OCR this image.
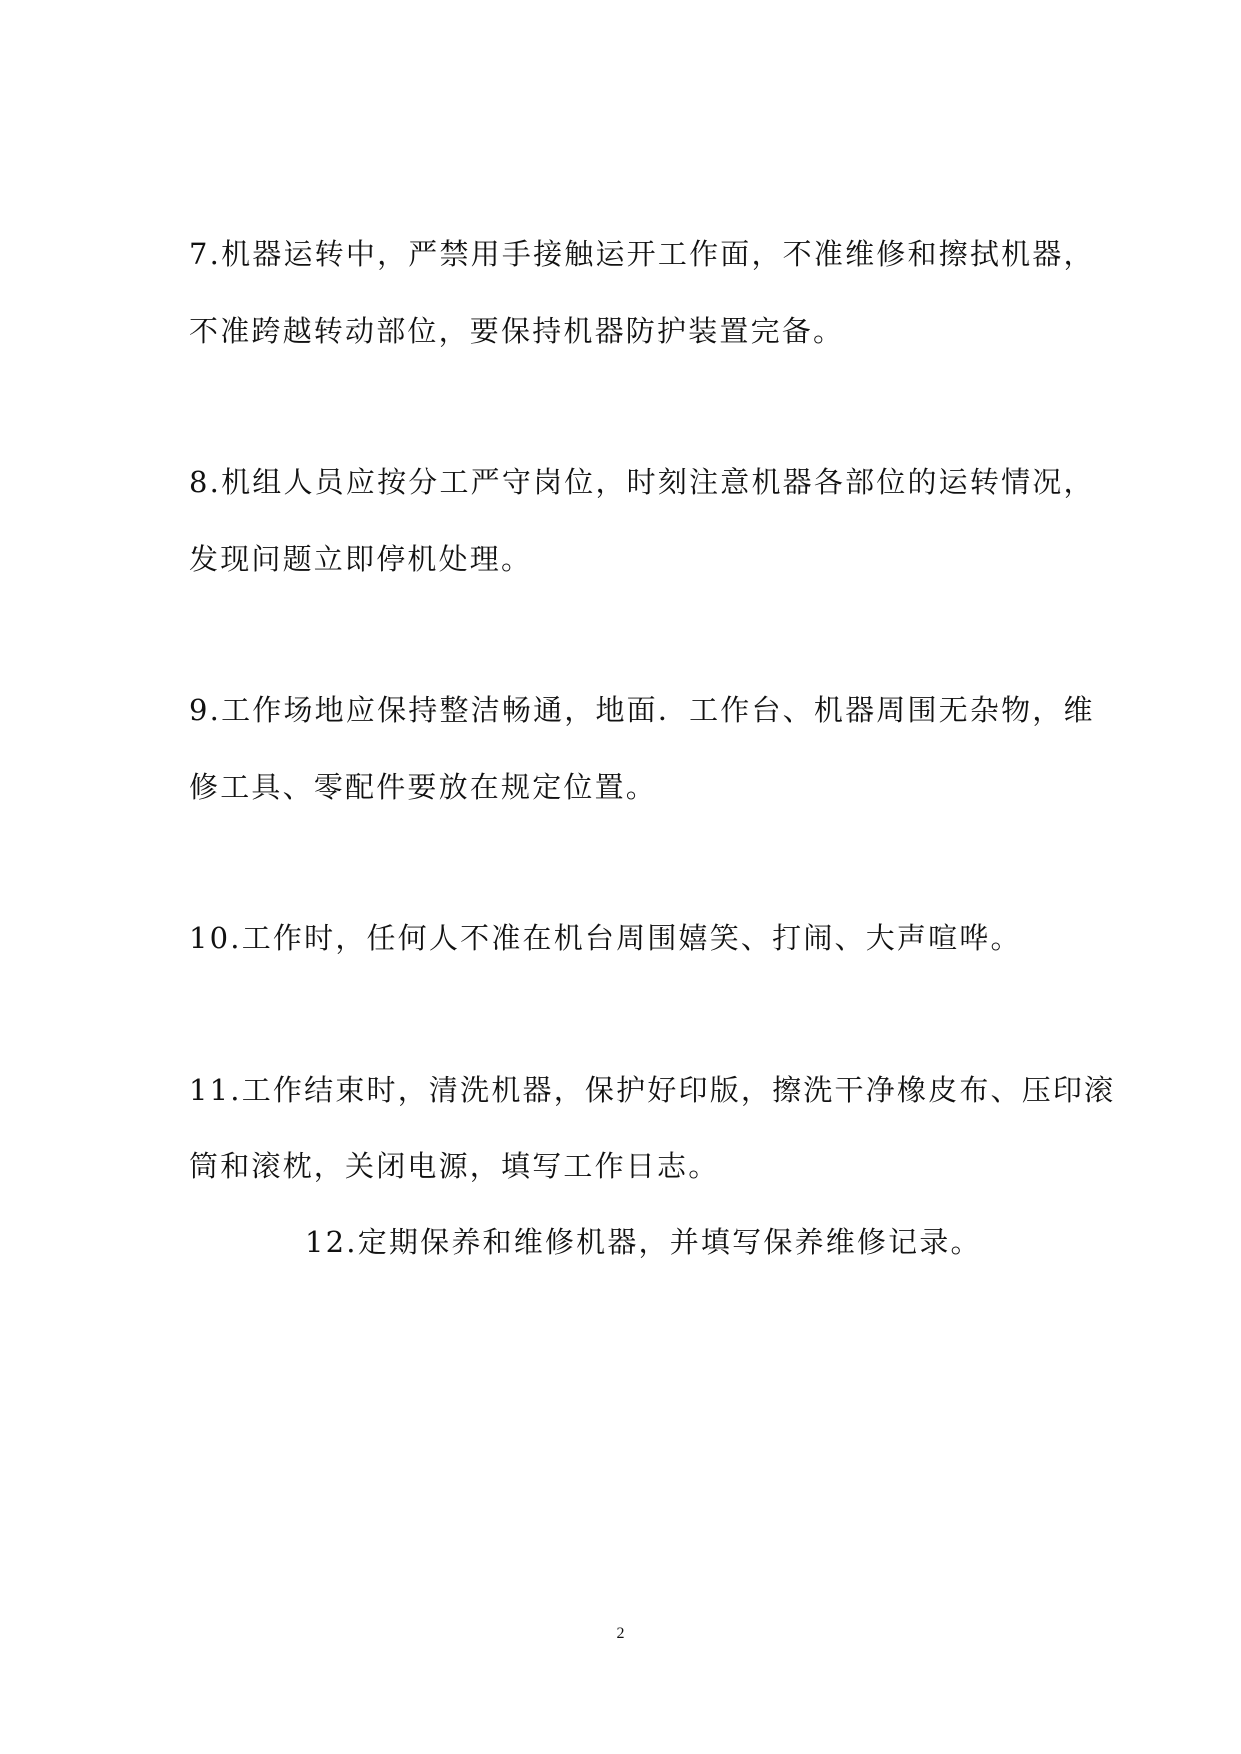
7.机器运转中，严禁用手接触运开工作面，不准维修和擦拭机器，
不准跨越转动部位，要保持机器防护装置完备。
8.机组人员应按分工严守岗位，时刻注意机器各部位的运转情况，
发现问题立即停机处理。
9.工作场地应保持整洁畅通，地面．工作台、机器周围无杂物，维
修工具、零配件要放在规定位置。
10.工作时，任何人不准在机台周围嬉笑、打闹、大声喧哗。
11.工作结束时，清洗机器，保护好印版，擦洗干净橡皮布、压印滚
筒和滚枕，关闭电源，填写工作日志。
12.定期保养和维修机器，并填写保养维修记录。
2
